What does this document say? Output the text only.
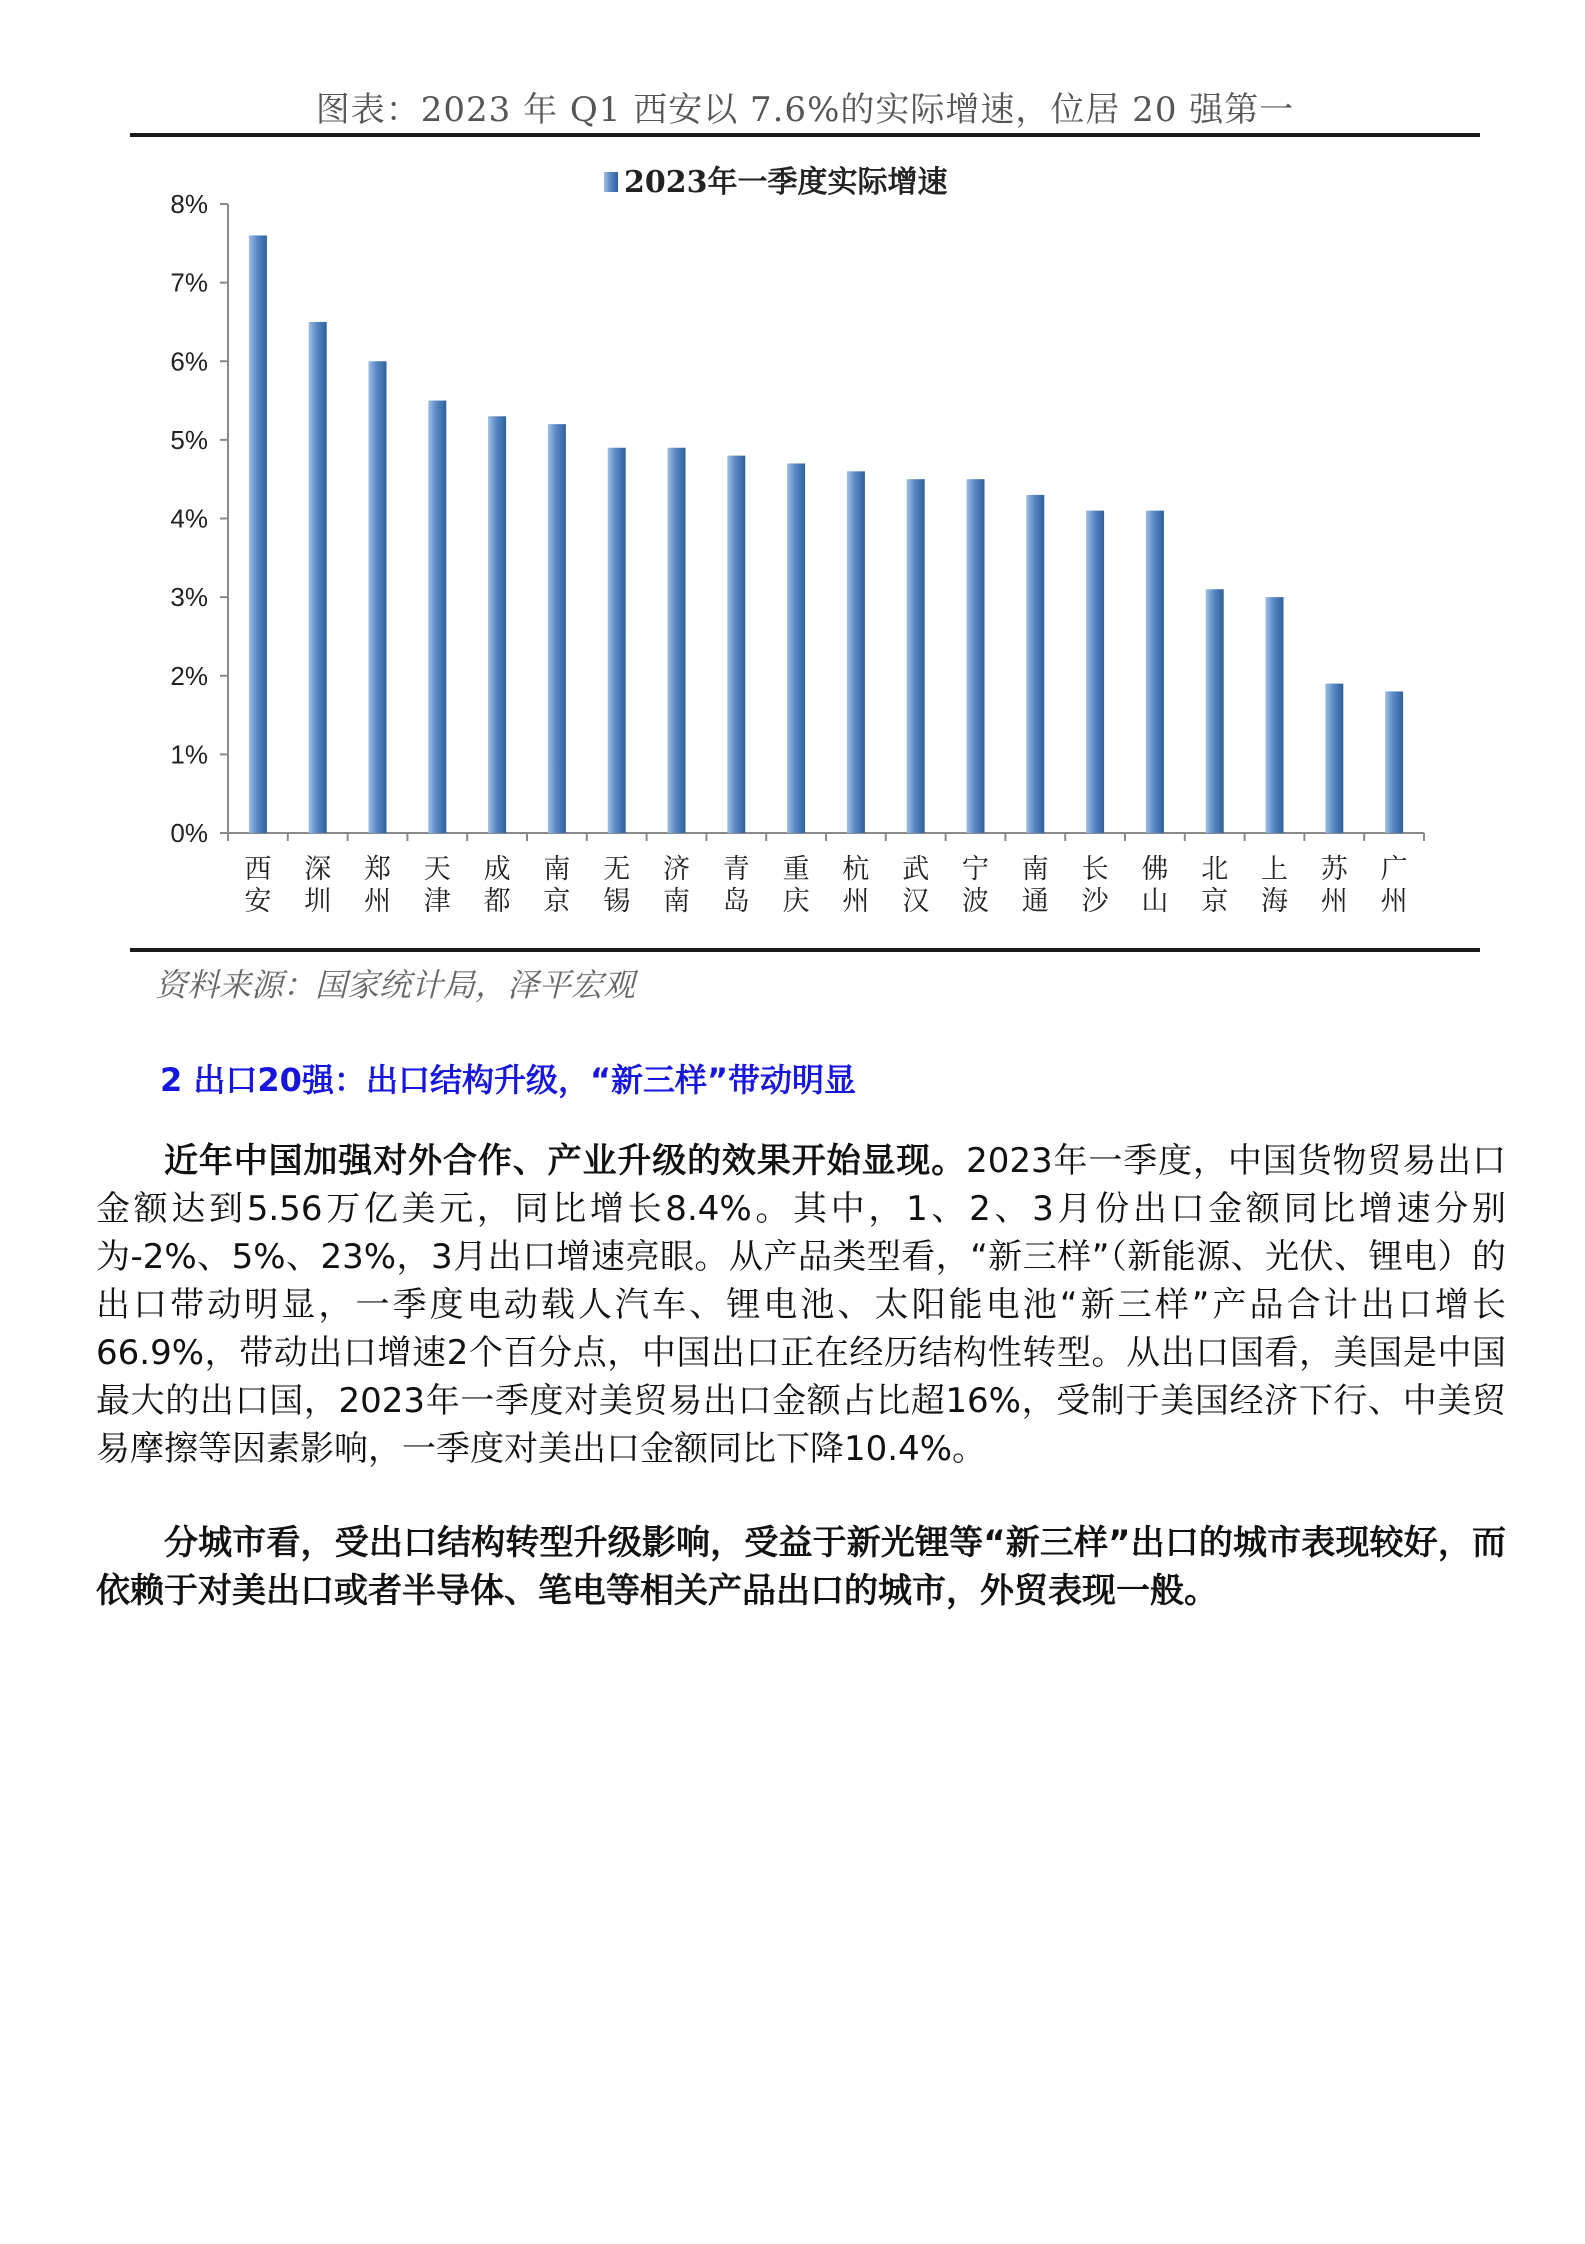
图表：2023 年 Q1 西安以 7.6%的实际增速，位居 20 强第一
2023年一季度实际增速
0%
1%
2%
3%
4%
5%
6%
7%
8%
西
安
深
圳
郑
州
天
津
成
都
南
京
无
锡
济
南
青
岛
重
庆
杭
州
武
汉
宁
波
南
通
长
沙
佛
山
北
京
上
海
苏
州
广
州
资料来源：国家统计局，泽平宏观
2 出口20强：出口结构升级，“新三样”带动明显

近年中国加强对外合作、产业升级的效果开始显现。2023年一季度，中国货物贸易出口金额达到5.56万亿美元，同比增长8.4%。其中，1、2、3月份出口金额同比增速分别为-2%、5%、23%，3月出口增速亮眼。从产品类型看，“新三样”（新能源、光伏、锂电）的出口带动明显，一季度电动载人汽车、锂电池、太阳能电池“新三样”产品合计出口增长66.9%，带动出口增速2个百分点，中国出口正在经历结构性转型。从出口国看，美国是中国最大的出口国，2023年一季度对美贸易出口金额占比超16%，受制于美国经济下行、中美贸易摩擦等因素影响，一季度对美出口金额同比下降10.4%。

分城市看，受出口结构转型升级影响，受益于新光锂等“新三样”出口的城市表现较好，而依赖于对美出口或者半导体、笔电等相关产品出口的城市，外贸表现一般。
